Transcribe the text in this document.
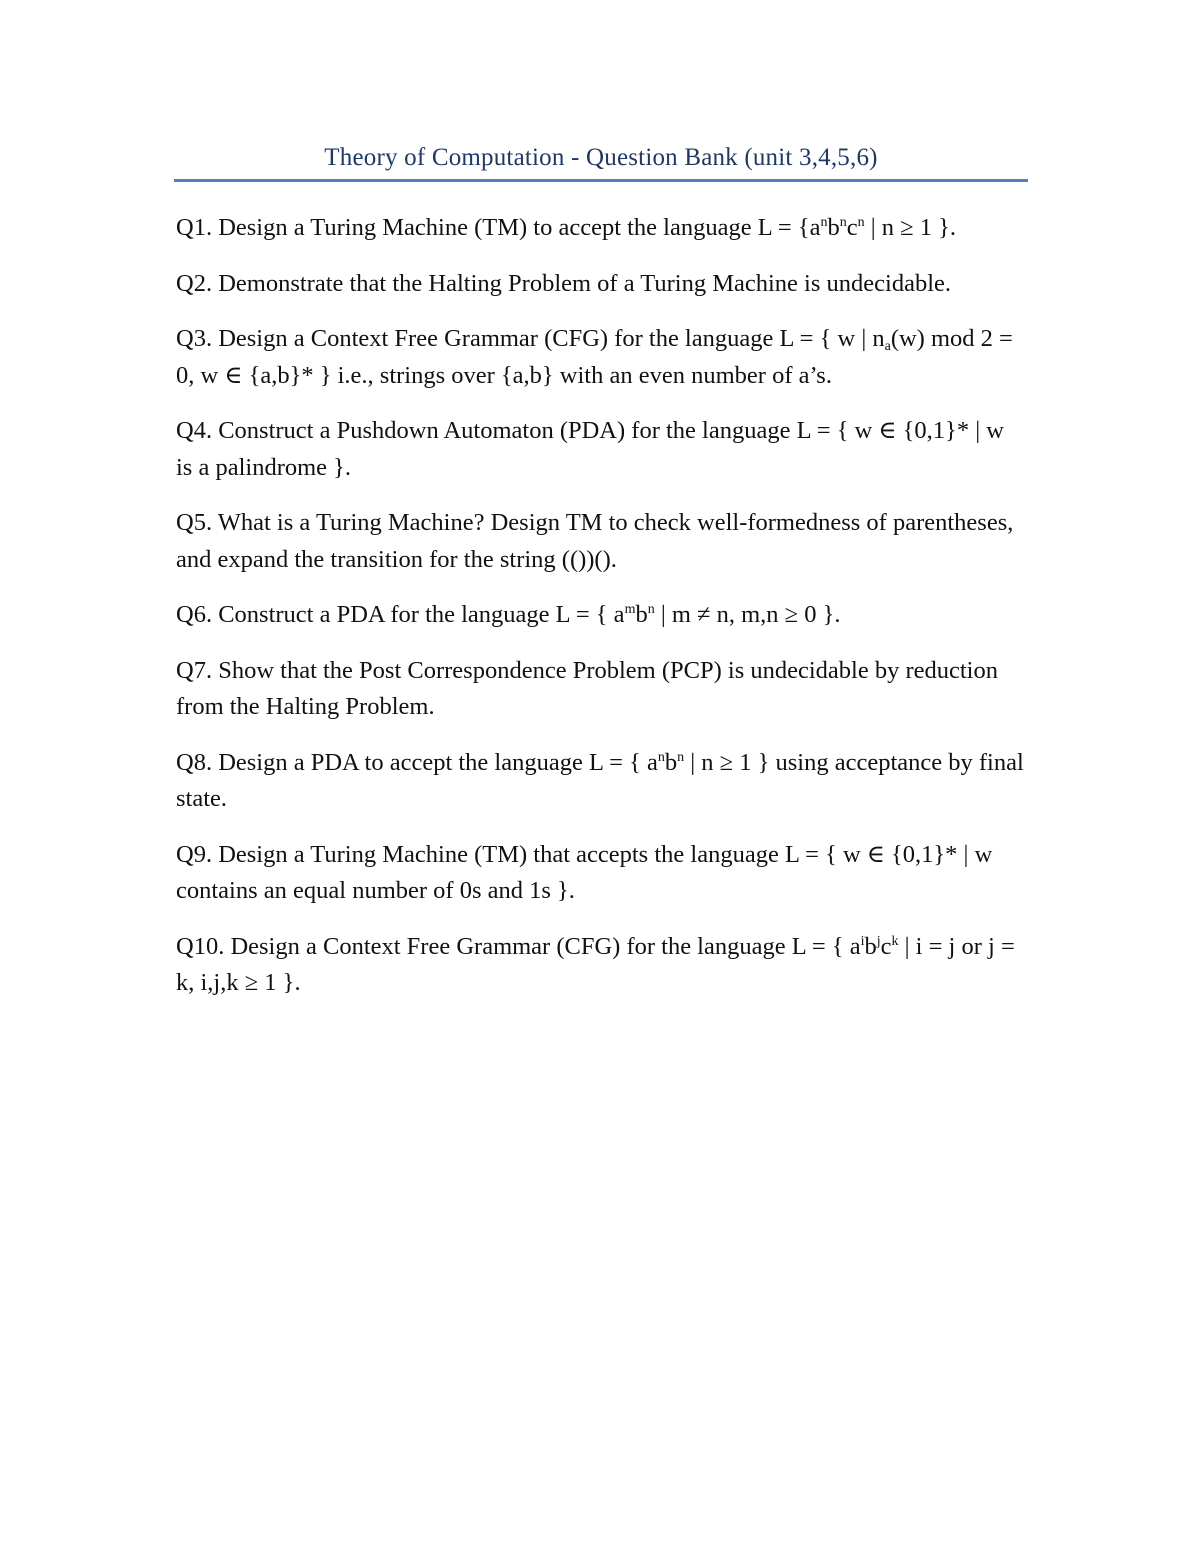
Theory of Computation - Question Bank (unit 3,4,5,6)

Q1. Design a Turing Machine (TM) to accept the language $L = \{a^nb^nc^n$ | n ≥ 1 }.

Q2. Demonstrate that the Halting Problem of a Turing Machine is undecidable.

Q3. Design a Context Free Grammar (CFG) for the language L = { w | $n_a(w)$ mod 2 = 0, w ∈ {a,b}* } i.e., strings over {a,b} with an even number of a’s.

Q4. Construct a Pushdown Automaton (PDA) for the language L = { w ∈ {0,1}* | w is a palindrome }.

Q5. What is a Turing Machine? Design TM to check well-formedness of parentheses, and expand the transition for the string (())().

Q6. Construct a PDA for the language L = { $a^mb^n$ | m ≠ n, m,n ≥ 0 }.

Q7. Show that the Post Correspondence Problem (PCP) is undecidable by reduction from the Halting Problem.

Q8. Design a PDA to accept the language L = { $a^nb^n$ | n ≥ 1 } using acceptance by final state.

Q9. Design a Turing Machine (TM) that accepts the language L = { w ∈ {0,1}* | w contains an equal number of 0s and 1s }.

Q10. Design a Context Free Grammar (CFG) for the language L = { $a^ib^jc^k$ | i = j or j = k, i,j,k ≥ 1 }.
